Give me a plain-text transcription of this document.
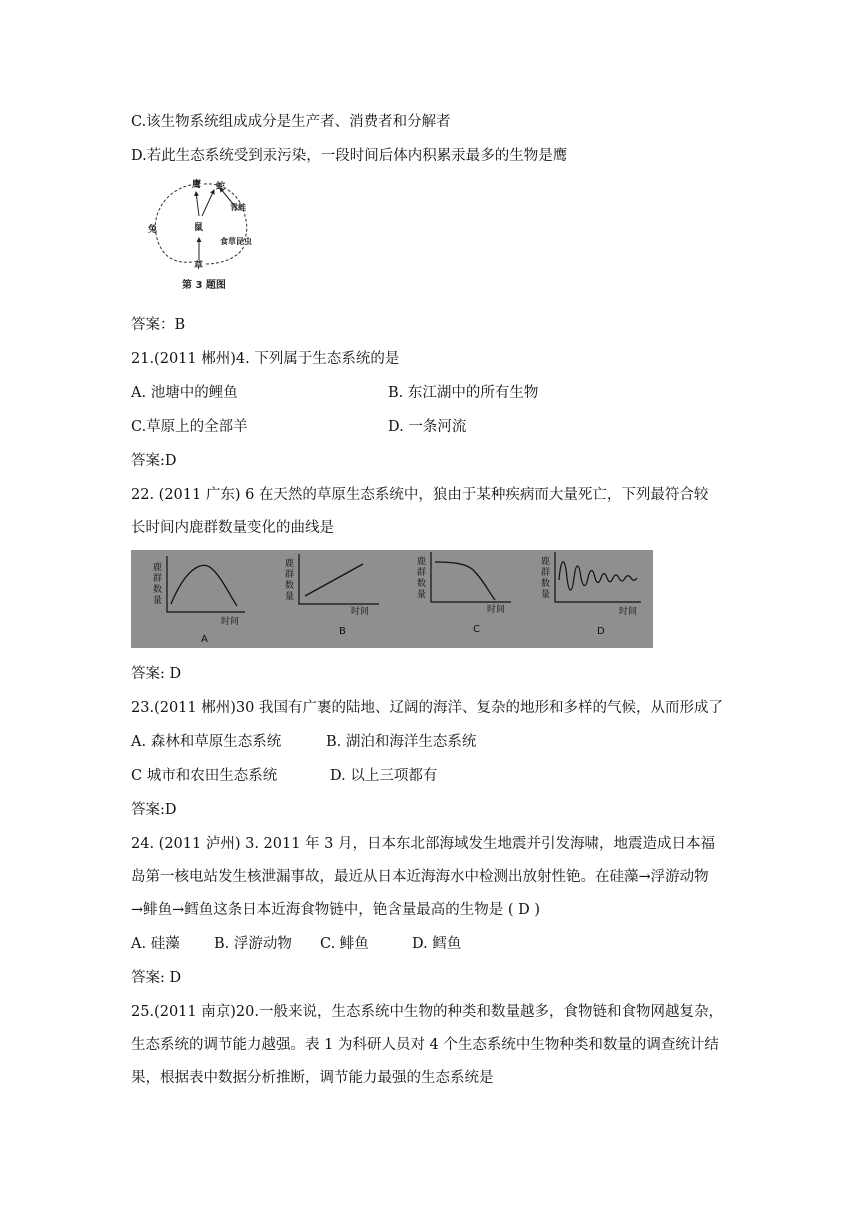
C.该生物系统组成成分是生产者、消费者和分解者
D.若此生态系统受到汞污染，一段时间后体内积累汞最多的生物是鹰
鹰 蛇
青蛙
食草昆虫
鼠
兔
草
第 3 题图
答案：B
21.(2011 郴州)4. 下列属于生态系统的是
A. 池塘中的鲤鱼	B. 东江湖中的所有生物
C.草原上的全部羊	D. 一条河流
答案:D
22. (2011 广东) 6 在天然的草原生态系统中，狼由于某种疾病而大量死亡，下列最符合较
长时间内鹿群数量变化的曲线是
鹿
群
数
量
时间
A
鹿
群
数
量
时间
B
鹿
群
数
量
时间
C
鹿
群
数
量
时间
D
答案: D
23.(2011 郴州)30 我国有广裹的陆地、辽阔的海洋、复杂的地形和多样的气候，从而形成了
A. 森林和草原生态系统	B. 湖泊和海洋生态系统
C 城市和农田生态系统	D. 以上三项都有
答案:D
24. (2011 泸州) 3. 2011 年 3 月，日本东北部海域发生地震并引发海啸，地震造成日本福
岛第一核电站发生核泄漏事故，最近从日本近海海水中检测出放射性铯。在硅藻→浮游动物
→鲱鱼→鳕鱼这条日本近海食物链中，铯含量最高的生物是 ( D )
A. 硅藻 B. 浮游动物 C. 鲱鱼	D. 鳕鱼
答案: D
25.(2011 南京)20.一般来说，生态系统中生物的种类和数量越多，食物链和食物网越复杂，
生态系统的调节能力越强。表 1 为科研人员对 4 个生态系统中生物种类和数量的调查统计结
果，根据表中数据分析推断，调节能力最强的生态系统是
